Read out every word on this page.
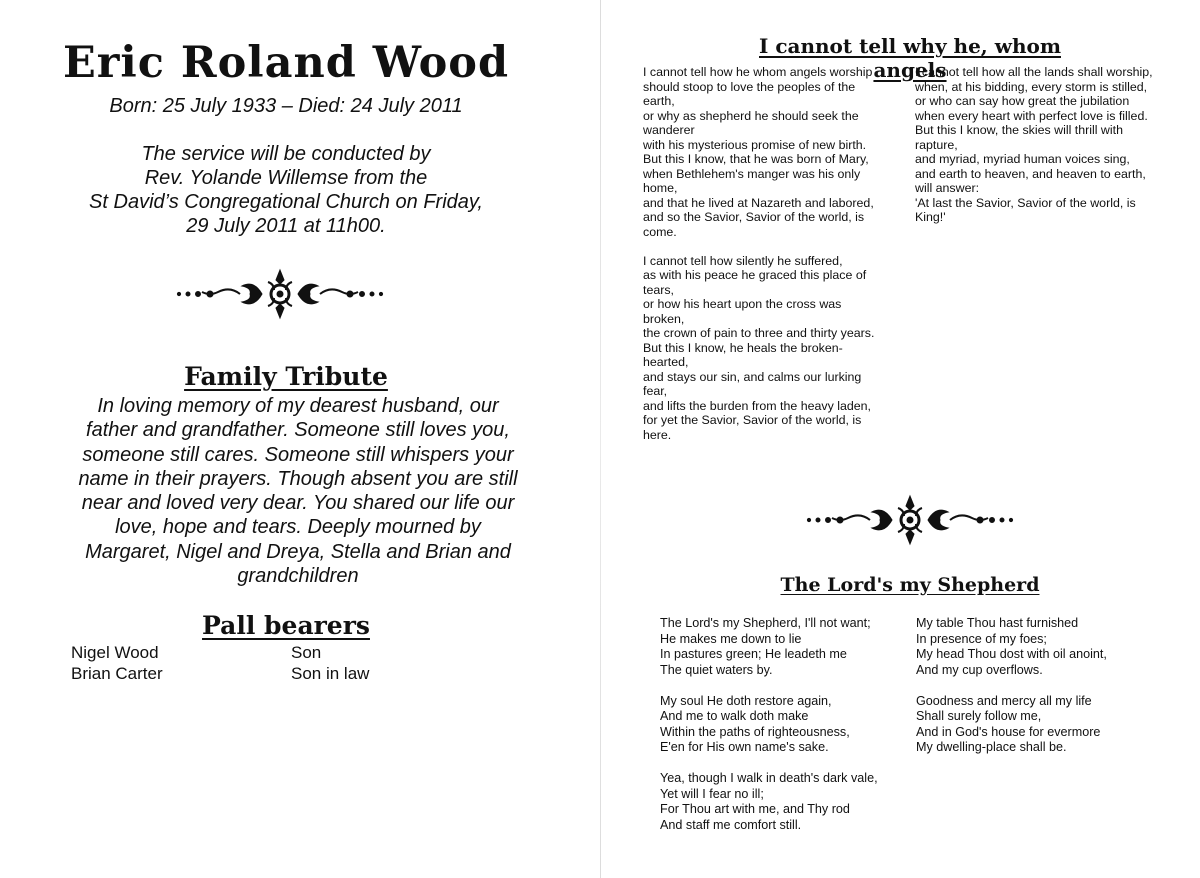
Eric Roland Wood
Born: 25 July 1933 – Died: 24 July 2011
The service will be conducted by
Rev. Yolande Willemse from the
St David’s Congregational Church on Friday,
29 July 2011 at 11h00.
Family Tribute
In loving memory of my dearest husband, our
father and grandfather. Someone still loves you,
someone still cares. Someone still whispers your
name in their prayers. Though absent you are still
near and loved very dear. You shared our life our
love, hope and tears. Deeply mourned by
Margaret, Nigel and Dreya, Stella and Brian and
grandchildren
Pall bearers
Nigel Wood	Son
Brian Carter	Son in law
I cannot tell why he, whom angels
I cannot tell how he whom angels worship
should stoop to love the peoples of the
earth,
or why as shepherd he should seek the
wanderer
with his mysterious promise of new birth.
But this I know, that he was born of Mary,
when Bethlehem's manger was his only
home,
and that he lived at Nazareth and labored,
and so the Savior, Savior of the world, is
come.
I cannot tell how silently he suffered,
as with his peace he graced this place of
tears,
or how his heart upon the cross was
broken,
the crown of pain to three and thirty years.
But this I know, he heals the broken-
hearted,
and stays our sin, and calms our lurking
fear,
and lifts the burden from the heavy laden,
for yet the Savior, Savior of the world, is
here.
I cannot tell how all the lands shall worship,
when, at his bidding, every storm is stilled,
or who can say how great the jubilation
when every heart with perfect love is filled.
But this I know, the skies will thrill with
rapture,
and myriad, myriad human voices sing,
and earth to heaven, and heaven to earth,
will answer:
'At last the Savior, Savior of the world, is
King!'
The Lord's my Shepherd
The Lord's my Shepherd, I'll not want;
He makes me down to lie
In pastures green; He leadeth me
The quiet waters by.
My soul He doth restore again,
And me to walk doth make
Within the paths of righteousness,
E'en for His own name's sake.
Yea, though I walk in death's dark vale,
Yet will I fear no ill;
For Thou art with me, and Thy rod
And staff me comfort still.
My table Thou hast furnished
In presence of my foes;
My head Thou dost with oil anoint,
And my cup overflows.
Goodness and mercy all my life
Shall surely follow me,
And in God's house for evermore
My dwelling-place shall be.
